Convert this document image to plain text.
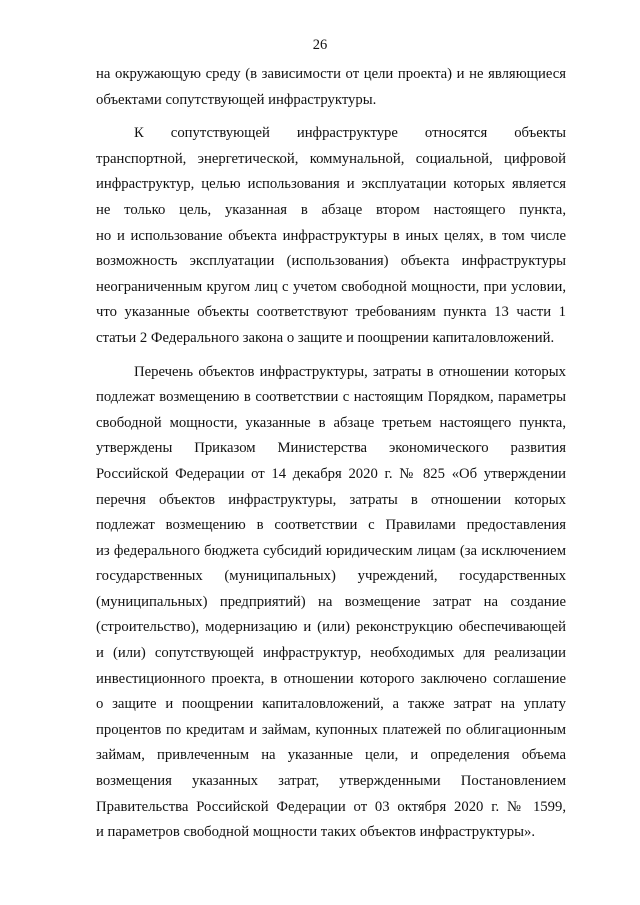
26
на окружающую среду (в зависимости от цели проекта) и не являющиеся
объектами сопутствующей инфраструктуры.
К сопутствующей инфраструктуре относятся объекты
транспортной, энергетической, коммунальной, социальной, цифровой
инфраструктур, целью использования и эксплуатации которых является
не только цель, указанная в абзаце втором настоящего пункта,
но и использование объекта инфраструктуры в иных целях, в том числе
возможность эксплуатации (использования) объекта инфраструктуры
неограниченным кругом лиц с учетом свободной мощности, при условии,
что указанные объекты соответствуют требованиям пункта 13 части 1
статьи 2 Федерального закона о защите и поощрении капиталовложений.
Перечень объектов инфраструктуры, затраты в отношении которых
подлежат возмещению в соответствии с настоящим Порядком, параметры
свободной мощности, указанные в абзаце третьем настоящего пункта,
утверждены Приказом Министерства экономического развития
Российской Федерации от 14 декабря 2020 г. № 825 «Об утверждении
перечня объектов инфраструктуры, затраты в отношении которых
подлежат возмещению в соответствии с Правилами предоставления
из федерального бюджета субсидий юридическим лицам (за исключением
государственных (муниципальных) учреждений, государственных
(муниципальных) предприятий) на возмещение затрат на создание
(строительство), модернизацию и (или) реконструкцию обеспечивающей
и (или) сопутствующей инфраструктур, необходимых для реализации
инвестиционного проекта, в отношении которого заключено соглашение
о защите и поощрении капиталовложений, а также затрат на уплату
процентов по кредитам и займам, купонных платежей по облигационным
займам, привлеченным на указанные цели, и определения объема
возмещения указанных затрат, утвержденными Постановлением
Правительства Российской Федерации от 03 октября 2020 г. № 1599,
и параметров свободной мощности таких объектов инфраструктуры».
